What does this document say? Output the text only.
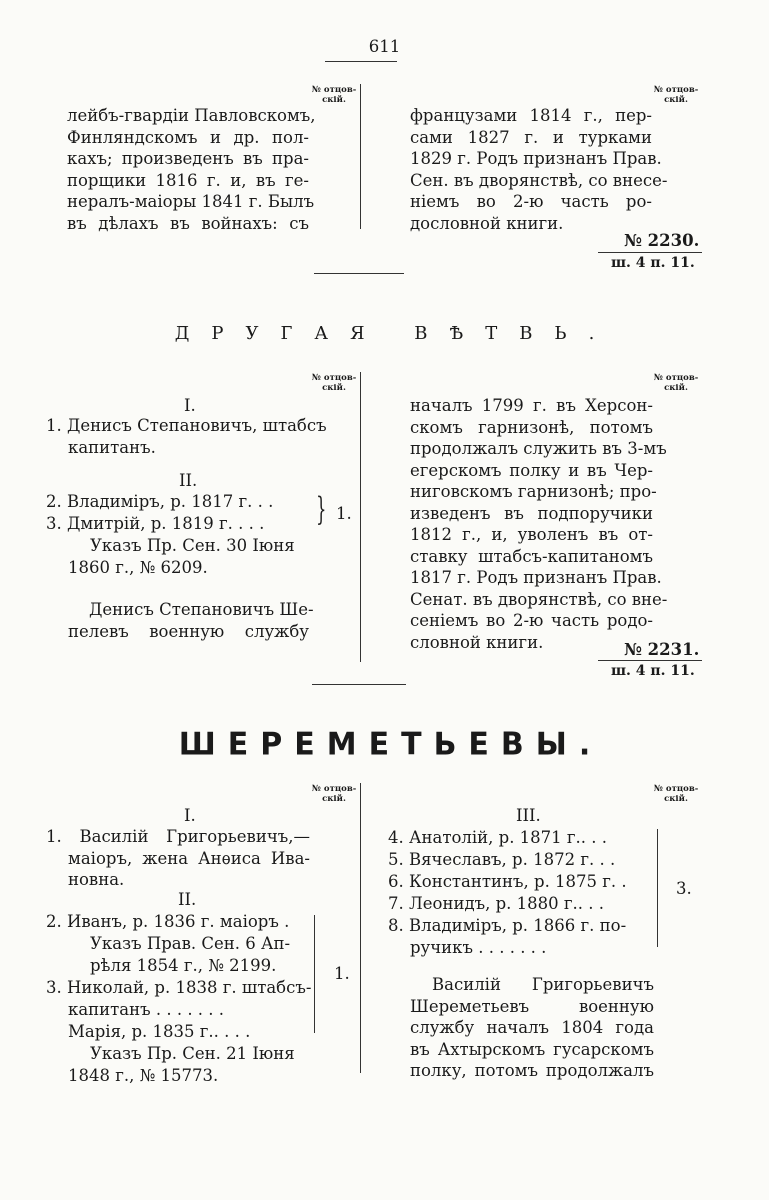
611
№ отцов-
скій.
№ отцов-
скій.
лейбъ-гвардіи Павловскомъ,
Финляндскомъ и др. пол-
кахъ; произведенъ въ пра-
порщики 1816 г. и, въ ге-
нералъ-маіоры 1841 г. Былъ
въ дѣлахъ въ войнахъ: съ
французами 1814 г., пер-
сами 1827 г. и турками
1829 г. Родъ признанъ Прав.
Сен. въ дворянствѣ, со внесе-
ніемъ во 2-ю часть ро-
дословной книги.
№ 2230.
ш. 4 п. 11.
ДРУГАЯ ВѢТВЬ.
№ отцов-
скій.
№ отцов-
скій.
I.
1. Денисъ Степановичъ, штабсъ
капитанъ.
II.
2. Владиміръ, р. 1817 г. . .
3. Дмитрій, р. 1819 г. . . . } 1.
Указъ Пр. Сен. 30 Іюня
1860 г., № 6209.
Денисъ Степановичъ Ше-
пелевъ военную службу
началъ 1799 г. въ Херсон-
скомъ гарнизонѣ, потомъ
продолжалъ служить въ 3-мъ
егерскомъ полку и въ Чер-
ниговскомъ гарнизонѣ; про-
изведенъ въ подпоручики
1812 г., и, уволенъ въ от-
ставку штабсъ-капитаномъ
1817 г. Родъ признанъ Прав.
Сенат. въ дворянствѣ, со вне-
сеніемъ во 2-ю часть родо-
словной книги.	№ 2231.
ш. 4 п. 11.
ШЕРЕМЕТЬЕВЫ.
№ отцов-
скій.
№ отцов-
скій.
I.
1. Василій Григорьевичъ,—
маіоръ, жена Анѳиса Ива-
новна.
II.
2. Иванъ, р. 1836 г. маіоръ .
Указъ Прав. Сен. 6 Ап-
рѣля 1854 г., № 2199.
3. Николай, р. 1838 г. штабсъ-
капитанъ . . . . . . .
Марія, р. 1835 г.. . . .
1.
Указъ Пр. Сен. 21 Іюня
1848 г., № 15773.
III.
4. Анатолій, р. 1871 г.. . .
5. Вячеславъ, р. 1872 г. . .
6. Константинъ, р. 1875 г. .
7. Леонидъ, р. 1880 г.. . .
8. Владиміръ, р. 1866 г. по-
ручикъ . . . . . . .
3.
Василій Григорьевичъ
Шереметьевъ военную
службу началъ 1804 года
въ Ахтырскомъ гусарскомъ
полку, потомъ продолжалъ
